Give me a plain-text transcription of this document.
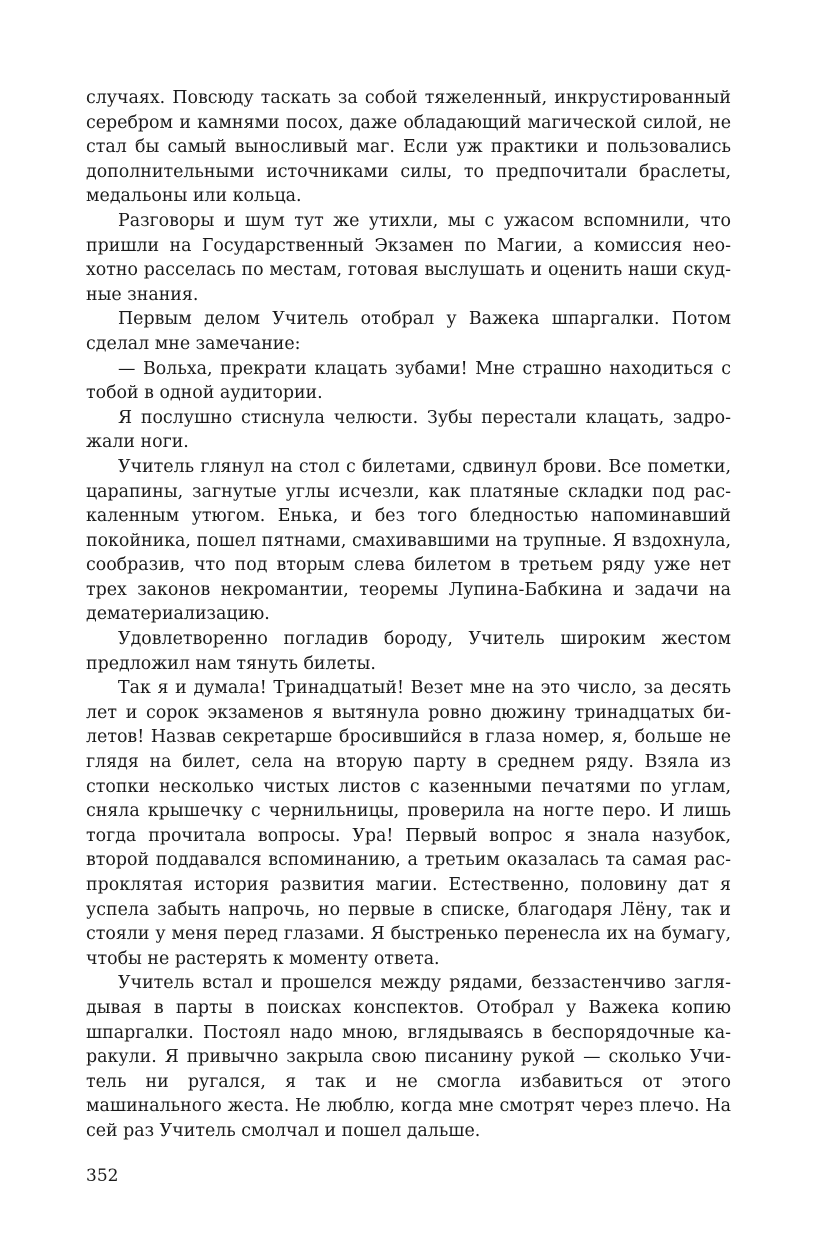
случаях. Повсюду таскать за собой тяжеленный, инкрустированный серебром и камнями посох, даже обладающий магической силой, не стал бы самый выносливый маг. Если уж практики и пользовались дополнительными источниками силы, то предпочитали браслеты, медальоны или кольца.

Разговоры и шум тут же утихли, мы с ужасом вспомнили, что пришли на Государственный Экзамен по Магии, а комиссия неохотно расселась по местам, готовая выслушать и оценить наши скудные знания.

Первым делом Учитель отобрал у Важека шпаргалки. Потом сделал мне замечание:

— Вольха, прекрати клацать зубами! Мне страшно находиться с тобой в одной аудитории.

Я послушно стиснула челюсти. Зубы перестали клацать, задрожали ноги.

Учитель глянул на стол с билетами, сдвинул брови. Все пометки, царапины, загнутые углы исчезли, как платяные складки под раскаленным утюгом. Енька, и без того бледностью напоминавший покойника, пошел пятнами, смахивавшими на трупные. Я вздохнула, сообразив, что под вторым слева билетом в третьем ряду уже нет трех законов некромантии, теоремы Лупина-Бабкина и задачи на дематериализацию.

Удовлетворенно погладив бороду, Учитель широким жестом предложил нам тянуть билеты.

Так я и думала! Тринадцатый! Везет мне на это число, за десять лет и сорок экзаменов я вытянула ровно дюжину тринадцатых билетов! Назвав секретарше бросившийся в глаза номер, я, больше не глядя на билет, села на вторую парту в среднем ряду. Взяла из стопки несколько чистых листов с казенными печатями по углам, сняла крышечку с чернильницы, проверила на ногте перо. И лишь тогда прочитала вопросы. Ура! Первый вопрос я знала назубок, второй поддавался вспоминанию, а третьим оказалась та самая распроклятая история развития магии. Естественно, половину дат я успела забыть напрочь, но первые в списке, благодаря Лёну, так и стояли у меня перед глазами. Я быстренько перенесла их на бумагу, чтобы не растерять к моменту ответа.

Учитель встал и прошелся между рядами, беззастенчиво заглядывая в парты в поисках конспектов. Отобрал у Важека копию шпаргалки. Постоял надо мною, вглядываясь в беспорядочные каракули. Я привычно закрыла свою писанину рукой — сколько Учитель ни ругался, я так и не смогла избавиться от этого машинального жеста. Не люблю, когда мне смотрят через плечо. На сей раз Учитель смолчал и пошел дальше.

352
